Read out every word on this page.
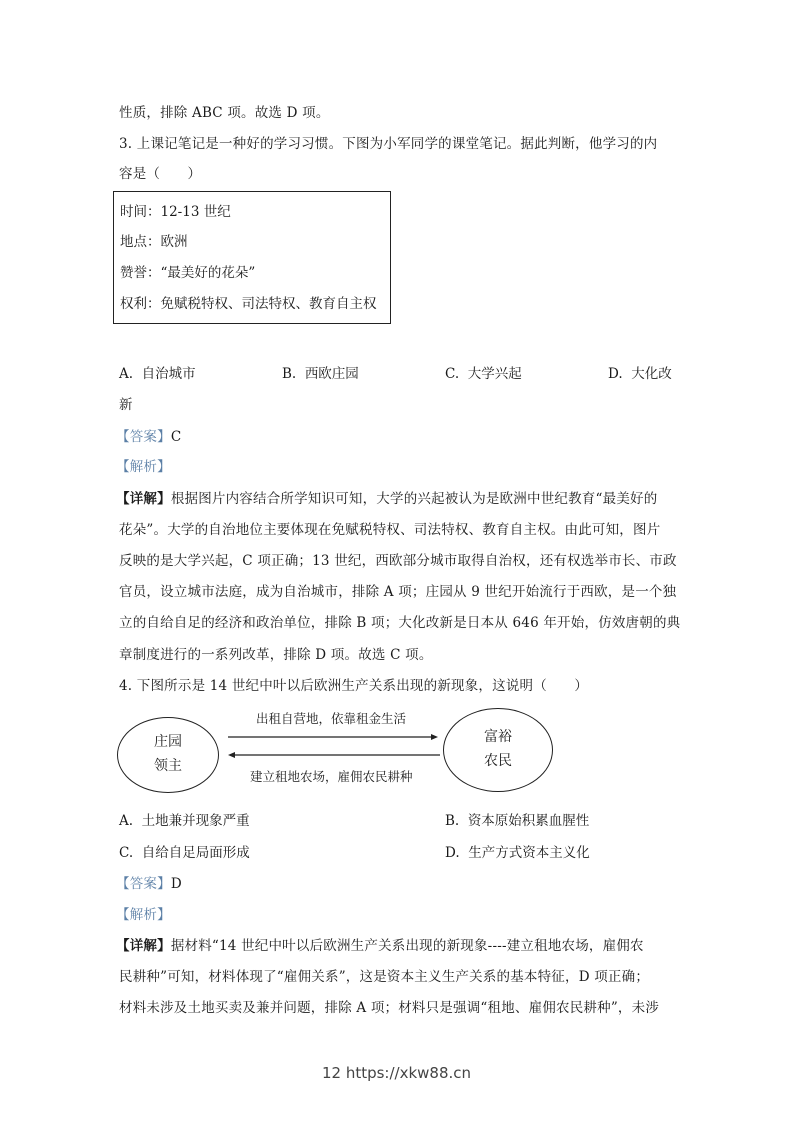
性质，排除 ABC 项。故选 D 项。
3. 上课记笔记是一种好的学习习惯。下图为小军同学的课堂笔记。据此判断，他学习的内
容是（　　）
时间：12-13 世纪
地点：欧洲
赞誉：“最美好的花朵”
权利：免赋税特权、司法特权、教育自主权
A. 自治城市	B. 西欧庄园	C. 大学兴起	D. 大化改
新
【答案】C
【解析】
【详解】根据图片内容结合所学知识可知，大学的兴起被认为是欧洲中世纪教育“最美好的
花朵”。大学的自治地位主要体现在免赋税特权、司法特权、教育自主权。由此可知，图片
反映的是大学兴起，C 项正确；13 世纪，西欧部分城市取得自治权，还有权选举市长、市政
官员，设立城市法庭，成为自治城市，排除 A 项；庄园从 9 世纪开始流行于西欧，是一个独
立的自给自足的经济和政治单位，排除 B 项；大化改新是日本从 646 年开始，仿效唐朝的典
章制度进行的一系列改革，排除 D 项。故选 C 项。
4. 下图所示是 14 世纪中叶以后欧洲生产关系出现的新现象，这说明（　　）
庄园
领主
富裕
农民
出租自营地，依靠租金生活
建立租地农场，雇佣农民耕种
A. 土地兼并现象严重	B. 资本原始积累血腥性
C. 自给自足局面形成	D. 生产方式资本主义化
【答案】D
【解析】
【详解】据材料“14 世纪中叶以后欧洲生产关系出现的新现象----建立租地农场，雇佣农
民耕种”可知，材料体现了“雇佣关系”，这是资本主义生产关系的基本特征，D 项正确；
材料未涉及土地买卖及兼并问题，排除 A 项；材料只是强调“租地、雇佣农民耕种”，未涉
12 https://xkw88.cn
